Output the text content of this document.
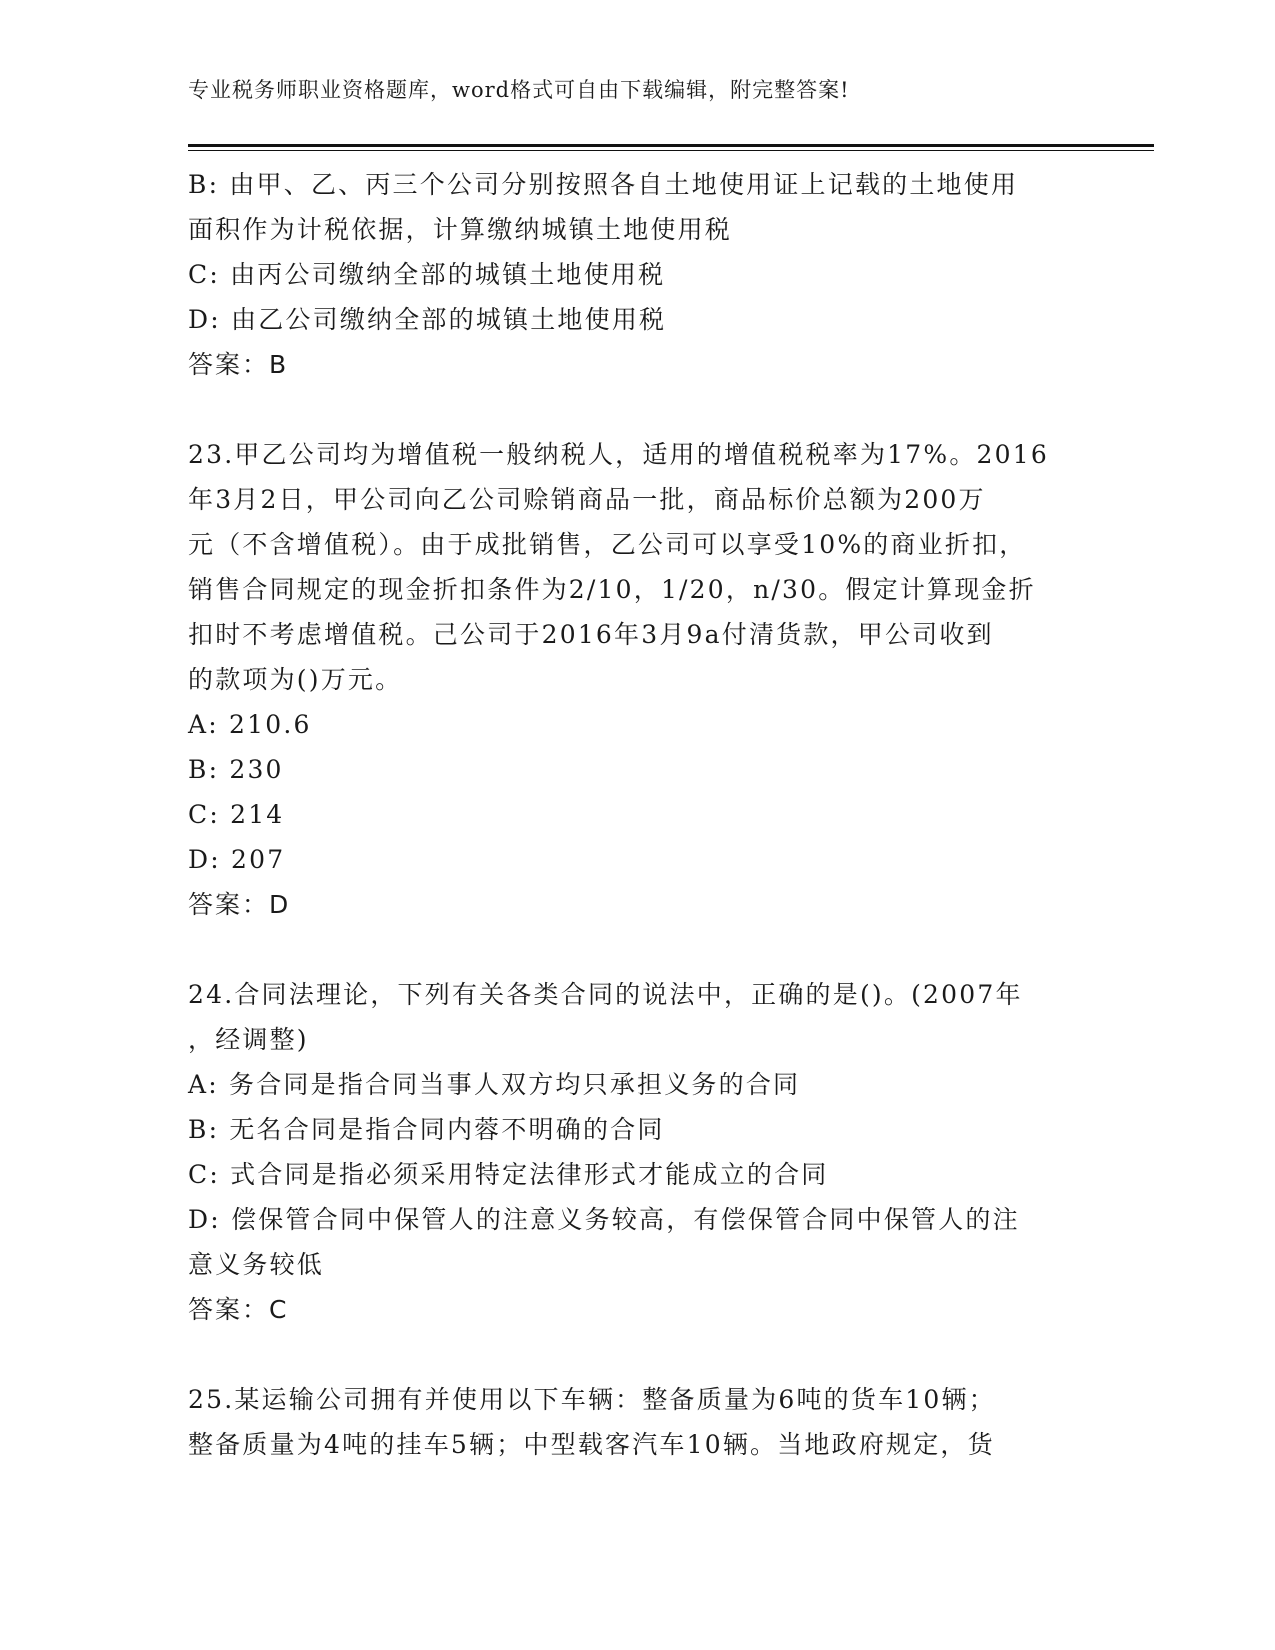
专业税务师职业资格题库，word格式可自由下载编辑，附完整答案!
B: 由甲、乙、丙三个公司分别按照各自土地使用证上记载的土地使用
面积作为计税依据，计算缴纳城镇土地使用税
C: 由丙公司缴纳全部的城镇土地使用税
D: 由乙公司缴纳全部的城镇土地使用税
答案：B
23.甲乙公司均为增值税一般纳税人，适用的增值税税率为17%。2016
年3月2日，甲公司向乙公司赊销商品一批，商品标价总额为200万
元（不含增值税）。由于成批销售，乙公司可以享受10%的商业折扣，
销售合同规定的现金折扣条件为2/10，1/20，n/30。假定计算现金折
扣时不考虑增值税。己公司于2016年3月9a付清货款，甲公司收到
的款项为()万元。
A: 210.6
B: 230
C: 214
D: 207
答案：D
24.合同法理论，下列有关各类合同的说法中，正确的是()。(2007年
，经调整)
A: 务合同是指合同当事人双方均只承担义务的合同
B: 无名合同是指合同内蓉不明确的合同
C: 式合同是指必须采用特定法律形式才能成立的合同
D: 偿保管合同中保管人的注意义务较高，有偿保管合同中保管人的注
意义务较低
答案：C
25.某运输公司拥有并使用以下车辆：整备质量为6吨的货车10辆；
整备质量为4吨的挂车5辆；中型载客汽车10辆。当地政府规定，货
